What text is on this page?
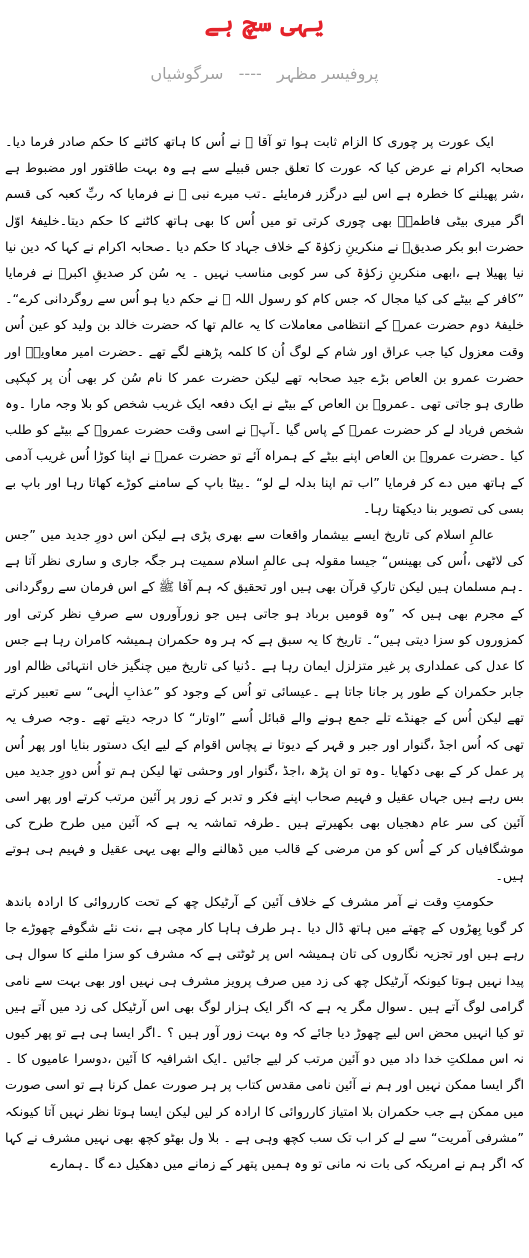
یہی سچ ہے
پروفیسر مظہر   ----   سرگوشیاں

ایک عورت پر چوری کا الزام ثابت ہوا تو آقا ﷺ نے اُس کا ہاتھ کاٹنے کا حکم صادر فرما دیا۔صحابہ اکرام نے عرض کیا کہ عورت کا تعلق جس قبیلے سے ہے وہ بہت طاقتور اور مضبوط ہے ،شر پھیلنے کا خطرہ ہے اس لیے درگزر فرمایئے ۔تب میرے نبی ﷺ نے فرمایا کہ ربِّ کعبہ کی قسم اگر میری بیٹی فاطمہؓ بھی چوری کرتی تو میں اُس کا بھی ہاتھ کاٹنے کا حکم دیتا۔خلیفۂ اوّل حضرت ابو بکر صدیقؓ نے منکرینِ زکوٰۃ کے خلاف جہاد کا حکم دیا ۔صحابہ اکرام نے کہا کہ دین نیا نیا پھیلا ہے ،ابھی منکرینِ زکوٰۃ کی سر کوبی مناسب نہیں ۔ یہ سُن کر صدیقِ اکبرؓ نے فرمایا ”کافر کے بیٹے کی کیا مجال کہ جس کام کو رسول اللہ ﷺ نے حکم دیا ہو اُس سے روگردانی کرے“۔ خلیفۂ دوم حضرت عمرؓ کے انتظامی معاملات کا یہ عالم تھا کہ حضرت خالد بن ولید کو عین اُس وقت معزول کیا جب عراق اور شام کے لوگ اُن کا کلمہ پڑھنے لگے تھے ۔حضرت امیر معاویہؓ اور حضرت عمرو بن العاص بڑے جید صحابہ تھے لیکن حضرت عمر کا نام سُن کر بھی اُن پر کپکپی طاری ہو جاتی تھی ۔عمروؓ بن العاص کے بیٹے نے ایک دفعہ ایک غریب شخص کو بلا وجہ مارا ۔وہ شخص فریاد لے کر حضرت عمرؓ کے پاس گیا ۔آپؓ نے اسی وقت حضرت عمروؓ کے بیٹے کو طلب کیا ۔حضرت عمروؓ بن العاص اپنے بیٹے کے ہمراہ آئے تو حضرت عمرؓ نے اپنا کوڑا اُس غریب آدمی کے ہاتھ میں دے کر فرمایا ”اب تم اپنا بدلہ لے لو“ ۔بیٹا باپ کے سامنے کوڑے کھاتا رہا اور باپ بے بسی کی تصویر بنا دیکھتا رہا۔

عالمِ اسلام کی تاریخ ایسے بیشمار واقعات سے بھری پڑی ہے لیکن اس دورِ جدید میں ”جس کی لاٹھی ،اُس کی بھینس“ جیسا مقولہ ہی عالمِ اسلام سمیت ہر جگہ جاری و ساری نظر آتا ہے ۔ہم مسلمان ہیں لیکن تارکِ قرآن بھی ہیں اور تحقیق کہ ہم آقا ﷺ کے اس فرمان سے روگردانی کے مجرم بھی ہیں کہ ”وہ قومیں برباد ہو جاتی ہیں جو زورآوروں سے صرفِ نظر کرتی اور کمزوروں کو سزا دیتی ہیں“۔ تاریخ کا یہ سبق ہے کہ ہر وہ حکمران ہمیشہ کامران رہا ہے جس کا عدل کی عملداری پر غیر متزلزل ایمان رہا ہے ۔دُنیا کی تاریخ میں چنگیز خاں انتہائی ظالم اور جابر حکمران کے طور پر جانا جاتا ہے ۔عیسائی تو اُس کے وجود کو ”عذابِ الٰہی“ سے تعبیر کرتے تھے لیکن اُس کے جھنڈے تلے جمع ہونے والے قبائل اُسے ”اوتار“ کا درجہ دیتے تھے ۔وجہ صرف یہ تھی کہ اُس اجڈ ،گنوار اور جبر و قہر کے دیوتا نے پچاس اقوام کے لیے ایک دستور بنایا اور پھر اُس پر عمل کر کے بھی دکھایا ۔وہ تو ان پڑھ ،اجڈ ،گنوار اور وحشی تھا لیکن ہم تو اُس دورِ جدید میں بس رہے ہیں جہاں عقیل و فہیم صحاب اپنے فکر و تدبر کے زور پر آئین مرتب کرتے اور پھر اسی آئین کی سر عام دھجیاں بھی بکھیرتے ہیں ۔طرفہ تماشہ یہ ہے کہ آئین میں طرح طرح کی موشگافیاں کر کے اُس کو من مرضی کے قالب میں ڈھالنے والے بھی یہی عقیل و فہیم ہی ہوتے ہیں۔

حکومتِ وقت نے آمر مشرف کے خلاف آئین کے آرٹیکل چھ کے تحت کارروائی کا ارادہ باندھ کر گویا بِھڑوں کے چھتے میں ہاتھ ڈال دیا ۔ہر طرف ہاہا کار مچی ہے ،نت نئے شگوفے چھوڑے جا رہے ہیں اور تجزیہ نگاروں کی تان ہمیشہ اس پر ٹوٹتی ہے کہ مشرف کو سزا ملنے کا سوال ہی پیدا نہیں ہوتا کیونکہ آرٹیکل چھ کی زد میں صرف پرویز مشرف ہی نہیں اور بھی بہت سے نامی گرامی لوگ آتے ہیں ۔سوال مگر یہ ہے کہ اگر ایک ہزار لوگ بھی اس آرٹیکل کی زد میں آتے ہیں تو کیا انہیں محض اس لیے چھوڑ دیا جائے کہ وہ بہت زور آور ہیں ؟ ۔اگر ایسا ہی ہے تو پھر کیوں نہ اس مملکتِ خدا داد میں دو آئین مرتب کر لیے جائیں ۔ایک اشرافیہ کا آئین ،دوسرا عامیوں کا ۔اگر ایسا ممکن نہیں اور ہم نے آئین نامی مقدس کتاب پر ہر صورت عمل کرنا ہے تو اسی صورت میں ممکن ہے جب حکمران بلا امتیاز کارروائی کا ارادہ کر لیں لیکن ایسا ہوتا نظر نہیں آتا کیونکہ ”مشرفی آمریت“ سے لے کر اب تک سب کچھ وہی ہے ۔ بلا ول بھٹو کچھ بھی نہیں مشرف نے کہا کہ اگر ہم نے امریکہ کی بات نہ مانی تو وہ ہمیں پتھر کے زمانے میں دھکیل دے گا ۔ہمارے
